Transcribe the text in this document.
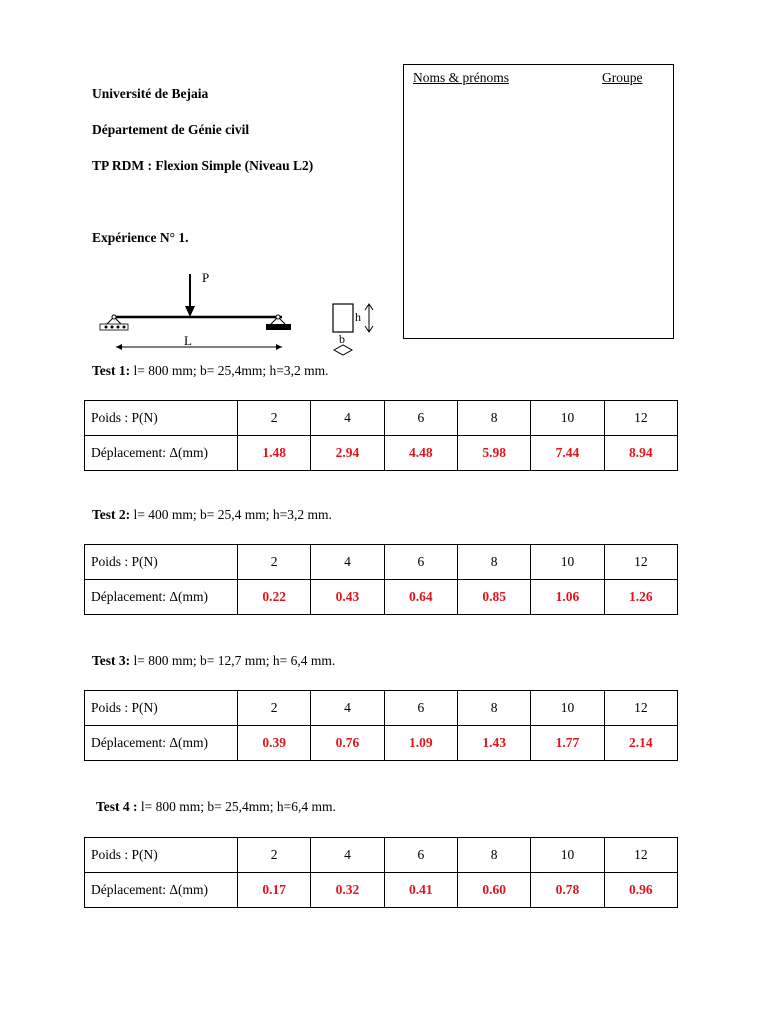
Université de Bejaia
Département de Génie civil
TP RDM : Flexion Simple (Niveau L2)
Expérience N° 1.
Noms & prénoms	Groupe
P
L
h
b
Test 1: l= 800 mm; b= 25,4mm; h=3,2 mm.
Poids : P(N)	2	4	6	8	10	12
Déplacement: Δ(mm)	1.48	2.94	4.48	5.98	7.44	8.94
Test 2: l= 400 mm; b= 25,4 mm; h=3,2 mm.
Poids : P(N)	2	4	6	8	10	12
Déplacement: Δ(mm)	0.22	0.43	0.64	0.85	1.06	1.26
Test 3: l= 800 mm; b= 12,7 mm; h= 6,4 mm.
Poids : P(N)	2	4	6	8	10	12
Déplacement: Δ(mm)	0.39	0.76	1.09	1.43	1.77	2.14
Test 4 : l= 800 mm; b= 25,4mm; h=6,4 mm.
Poids : P(N)	2	4	6	8	10	12
Déplacement: Δ(mm)	0.17	0.32	0.41	0.60	0.78	0.96
